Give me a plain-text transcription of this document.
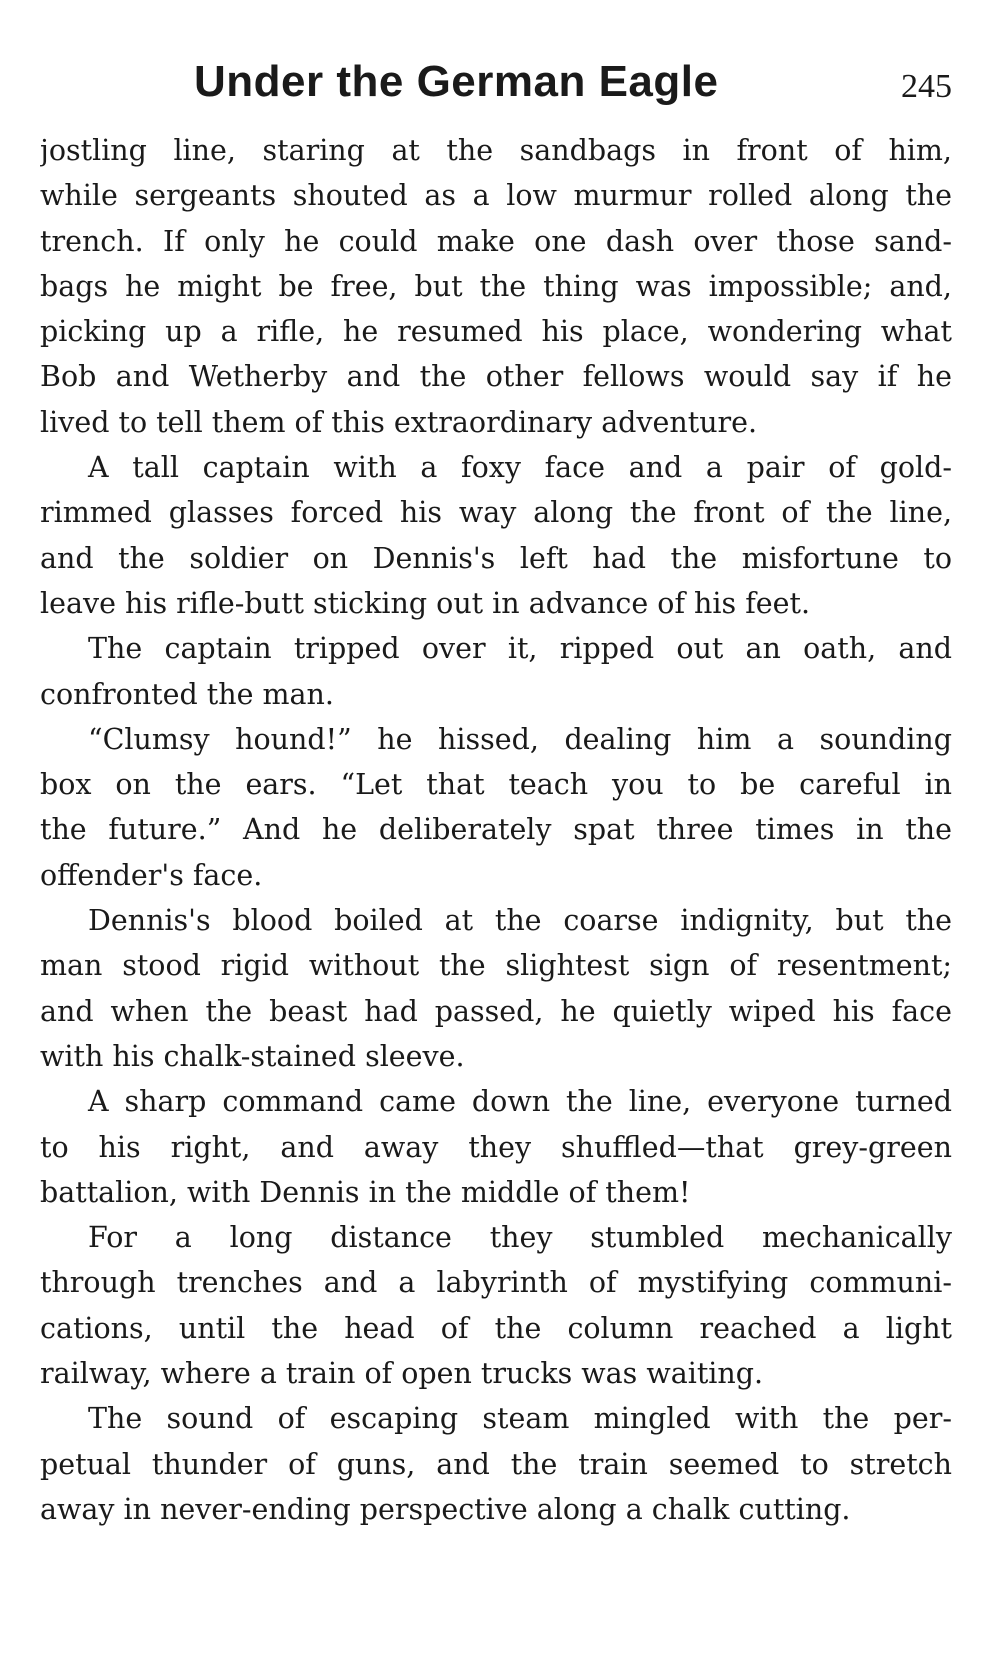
Under the German Eagle	245
jostling line, staring at the sandbags in front of him,
while sergeants shouted as a low murmur rolled along the
trench. If only he could make one dash over those sand-
bags he might be free, but the thing was impossible; and,
picking up a rifle, he resumed his place, wondering what
Bob and Wetherby and the other fellows would say if he
lived to tell them of this extraordinary adventure.
A tall captain with a foxy face and a pair of gold-
rimmed glasses forced his way along the front of the line,
and the soldier on Dennis's left had the misfortune to
leave his rifle-butt sticking out in advance of his feet.
The captain tripped over it, ripped out an oath, and
confronted the man.
“Clumsy hound!” he hissed, dealing him a sounding
box on the ears. “Let that teach you to be careful in
the future.” And he deliberately spat three times in the
offender's face.
Dennis's blood boiled at the coarse indignity, but the
man stood rigid without the slightest sign of resentment;
and when the beast had passed, he quietly wiped his face
with his chalk-stained sleeve.
A sharp command came down the line, everyone turned
to his right, and away they shuffled—that grey-green
battalion, with Dennis in the middle of them!
For a long distance they stumbled mechanically
through trenches and a labyrinth of mystifying communi-
cations, until the head of the column reached a light
railway, where a train of open trucks was waiting.
The sound of escaping steam mingled with the per-
petual thunder of guns, and the train seemed to stretch
away in never-ending perspective along a chalk cutting.
